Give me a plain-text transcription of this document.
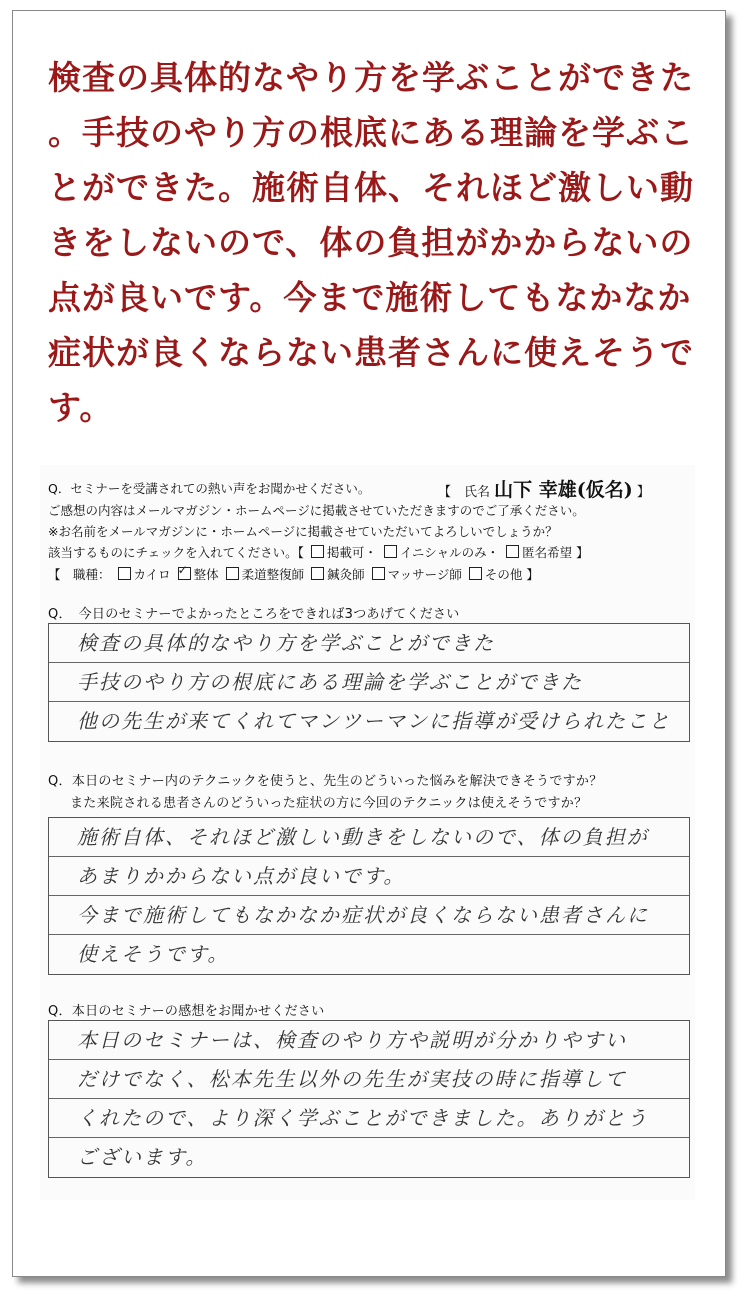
検査の具体的なやり方を学ぶことができた
。手技のやり方の根底にある理論を学ぶこ
とができた。施術自体、それほど激しい動
きをしないので、体の負担がかからないの
点が良いです。今まで施術してもなかなか
症状が良くならない患者さんに使えそうで
す。
Q．セミナーを受講されての熱い声をお聞かせください。	【　氏名 山下 幸雄(仮名) 】
ご感想の内容はメールマガジン・ホームページに掲載させていただきますのでご了承ください。
※お名前をメールマガジンに・ホームページに掲載させていただいてよろしいでしょうか？
該当するものにチェックを入れてください。【 掲載可・ イニシャルのみ・ 匿名希望 】
【　職種： カイロ ✓ 整体 柔道整復師 鍼灸師 マッサージ師 その他 】
Q．　今日のセミナーでよかったところをできれば3つあげてください
検査の具体的なやり方を学ぶことができた
手技のやり方の根底にある理論を学ぶことができた
他の先生が来てくれてマンツーマンに指導が受けられたこと
Q．本日のセミナー内のテクニックを使うと、先生のどういった悩みを解決できそうですか？
また来院される患者さんのどういった症状の方に今回のテクニックは使えそうですか？
施術自体、それほど激しい動きをしないので、体の負担が
あまりかからない点が良いです。
今まで施術してもなかなか症状が良くならない患者さんに
使えそうです。
Q．本日のセミナーの感想をお聞かせください
本日のセミナーは、検査のやり方や説明が分かりやすい
だけでなく、松本先生以外の先生が実技の時に指導して
くれたので、より深く学ぶことができました。ありがとう
ございます。
